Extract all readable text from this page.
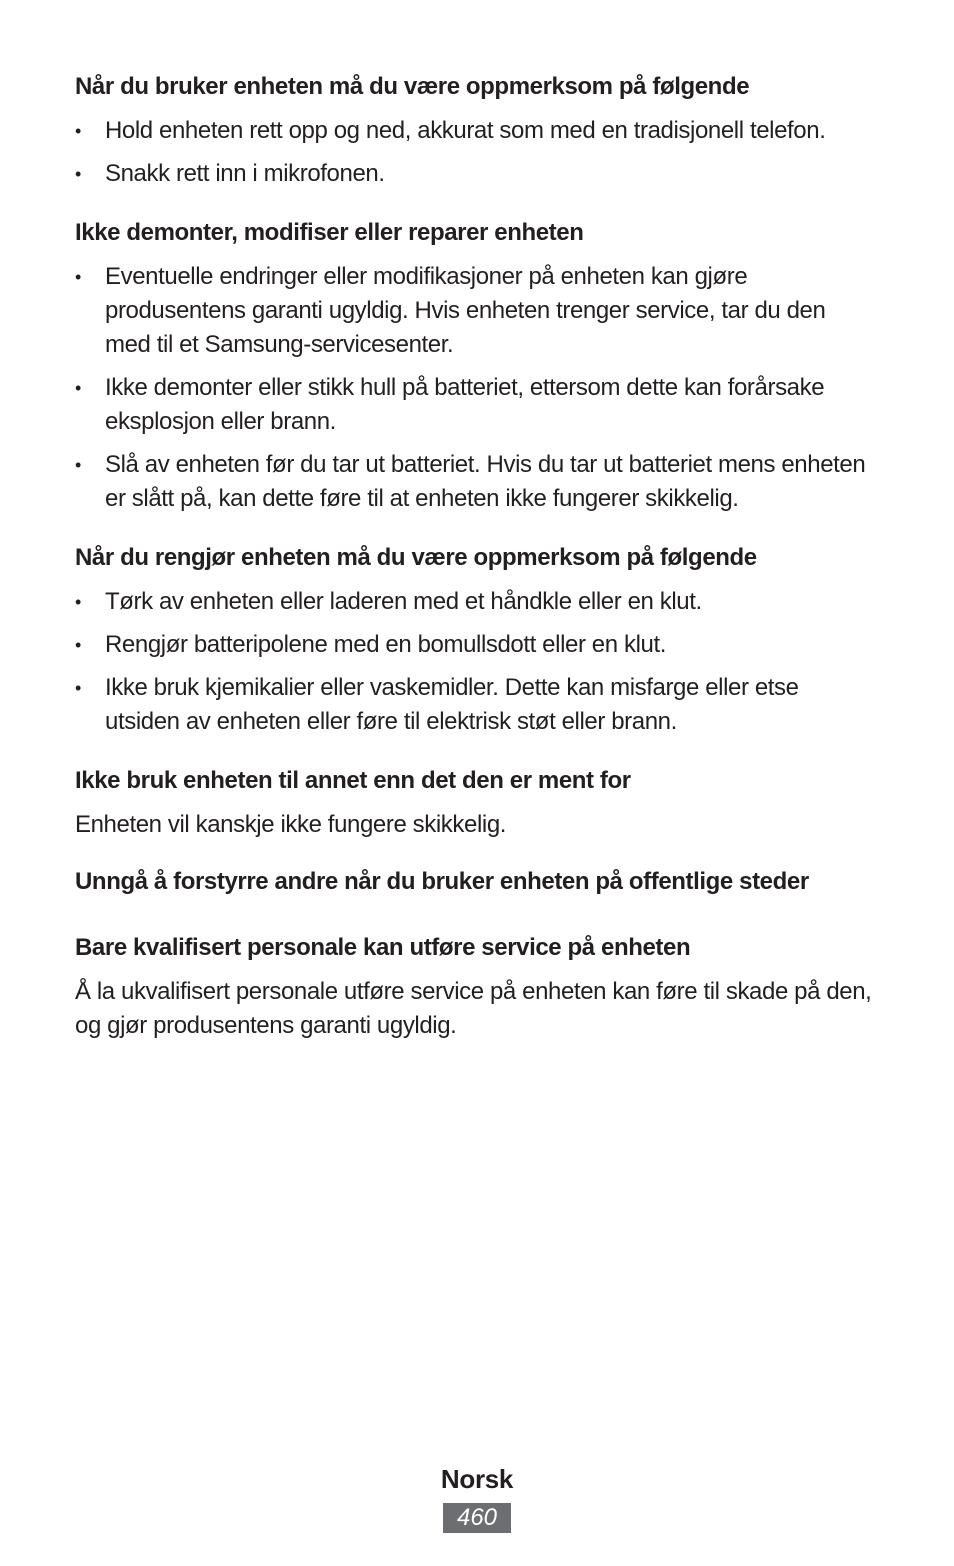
Når du bruker enheten må du være oppmerksom på følgende
•	Hold enheten rett opp og ned, akkurat som med en tradisjonell telefon.
•	Snakk rett inn i mikrofonen.
Ikke demonter, modifiser eller reparer enheten
•	Eventuelle endringer eller modifikasjoner på enheten kan gjøre produsentens garanti ugyldig. Hvis enheten trenger service, tar du den med til et Samsung-servicesenter.
•	Ikke demonter eller stikk hull på batteriet, ettersom dette kan forårsake eksplosjon eller brann.
•	Slå av enheten før du tar ut batteriet. Hvis du tar ut batteriet mens enheten er slått på, kan dette føre til at enheten ikke fungerer skikkelig.
Når du rengjør enheten må du være oppmerksom på følgende
•	Tørk av enheten eller laderen med et håndkle eller en klut.
•	Rengjør batteripolene med en bomullsdott eller en klut.
•	Ikke bruk kjemikalier eller vaskemidler. Dette kan misfarge eller etse utsiden av enheten eller føre til elektrisk støt eller brann.
Ikke bruk enheten til annet enn det den er ment for

Enheten vil kanskje ikke fungere skikkelig.

Unngå å forstyrre andre når du bruker enheten på offentlige steder
Bare kvalifisert personale kan utføre service på enheten

Å la ukvalifisert personale utføre service på enheten kan føre til skade på den, og gjør produsentens garanti ugyldig.

Norsk
460
